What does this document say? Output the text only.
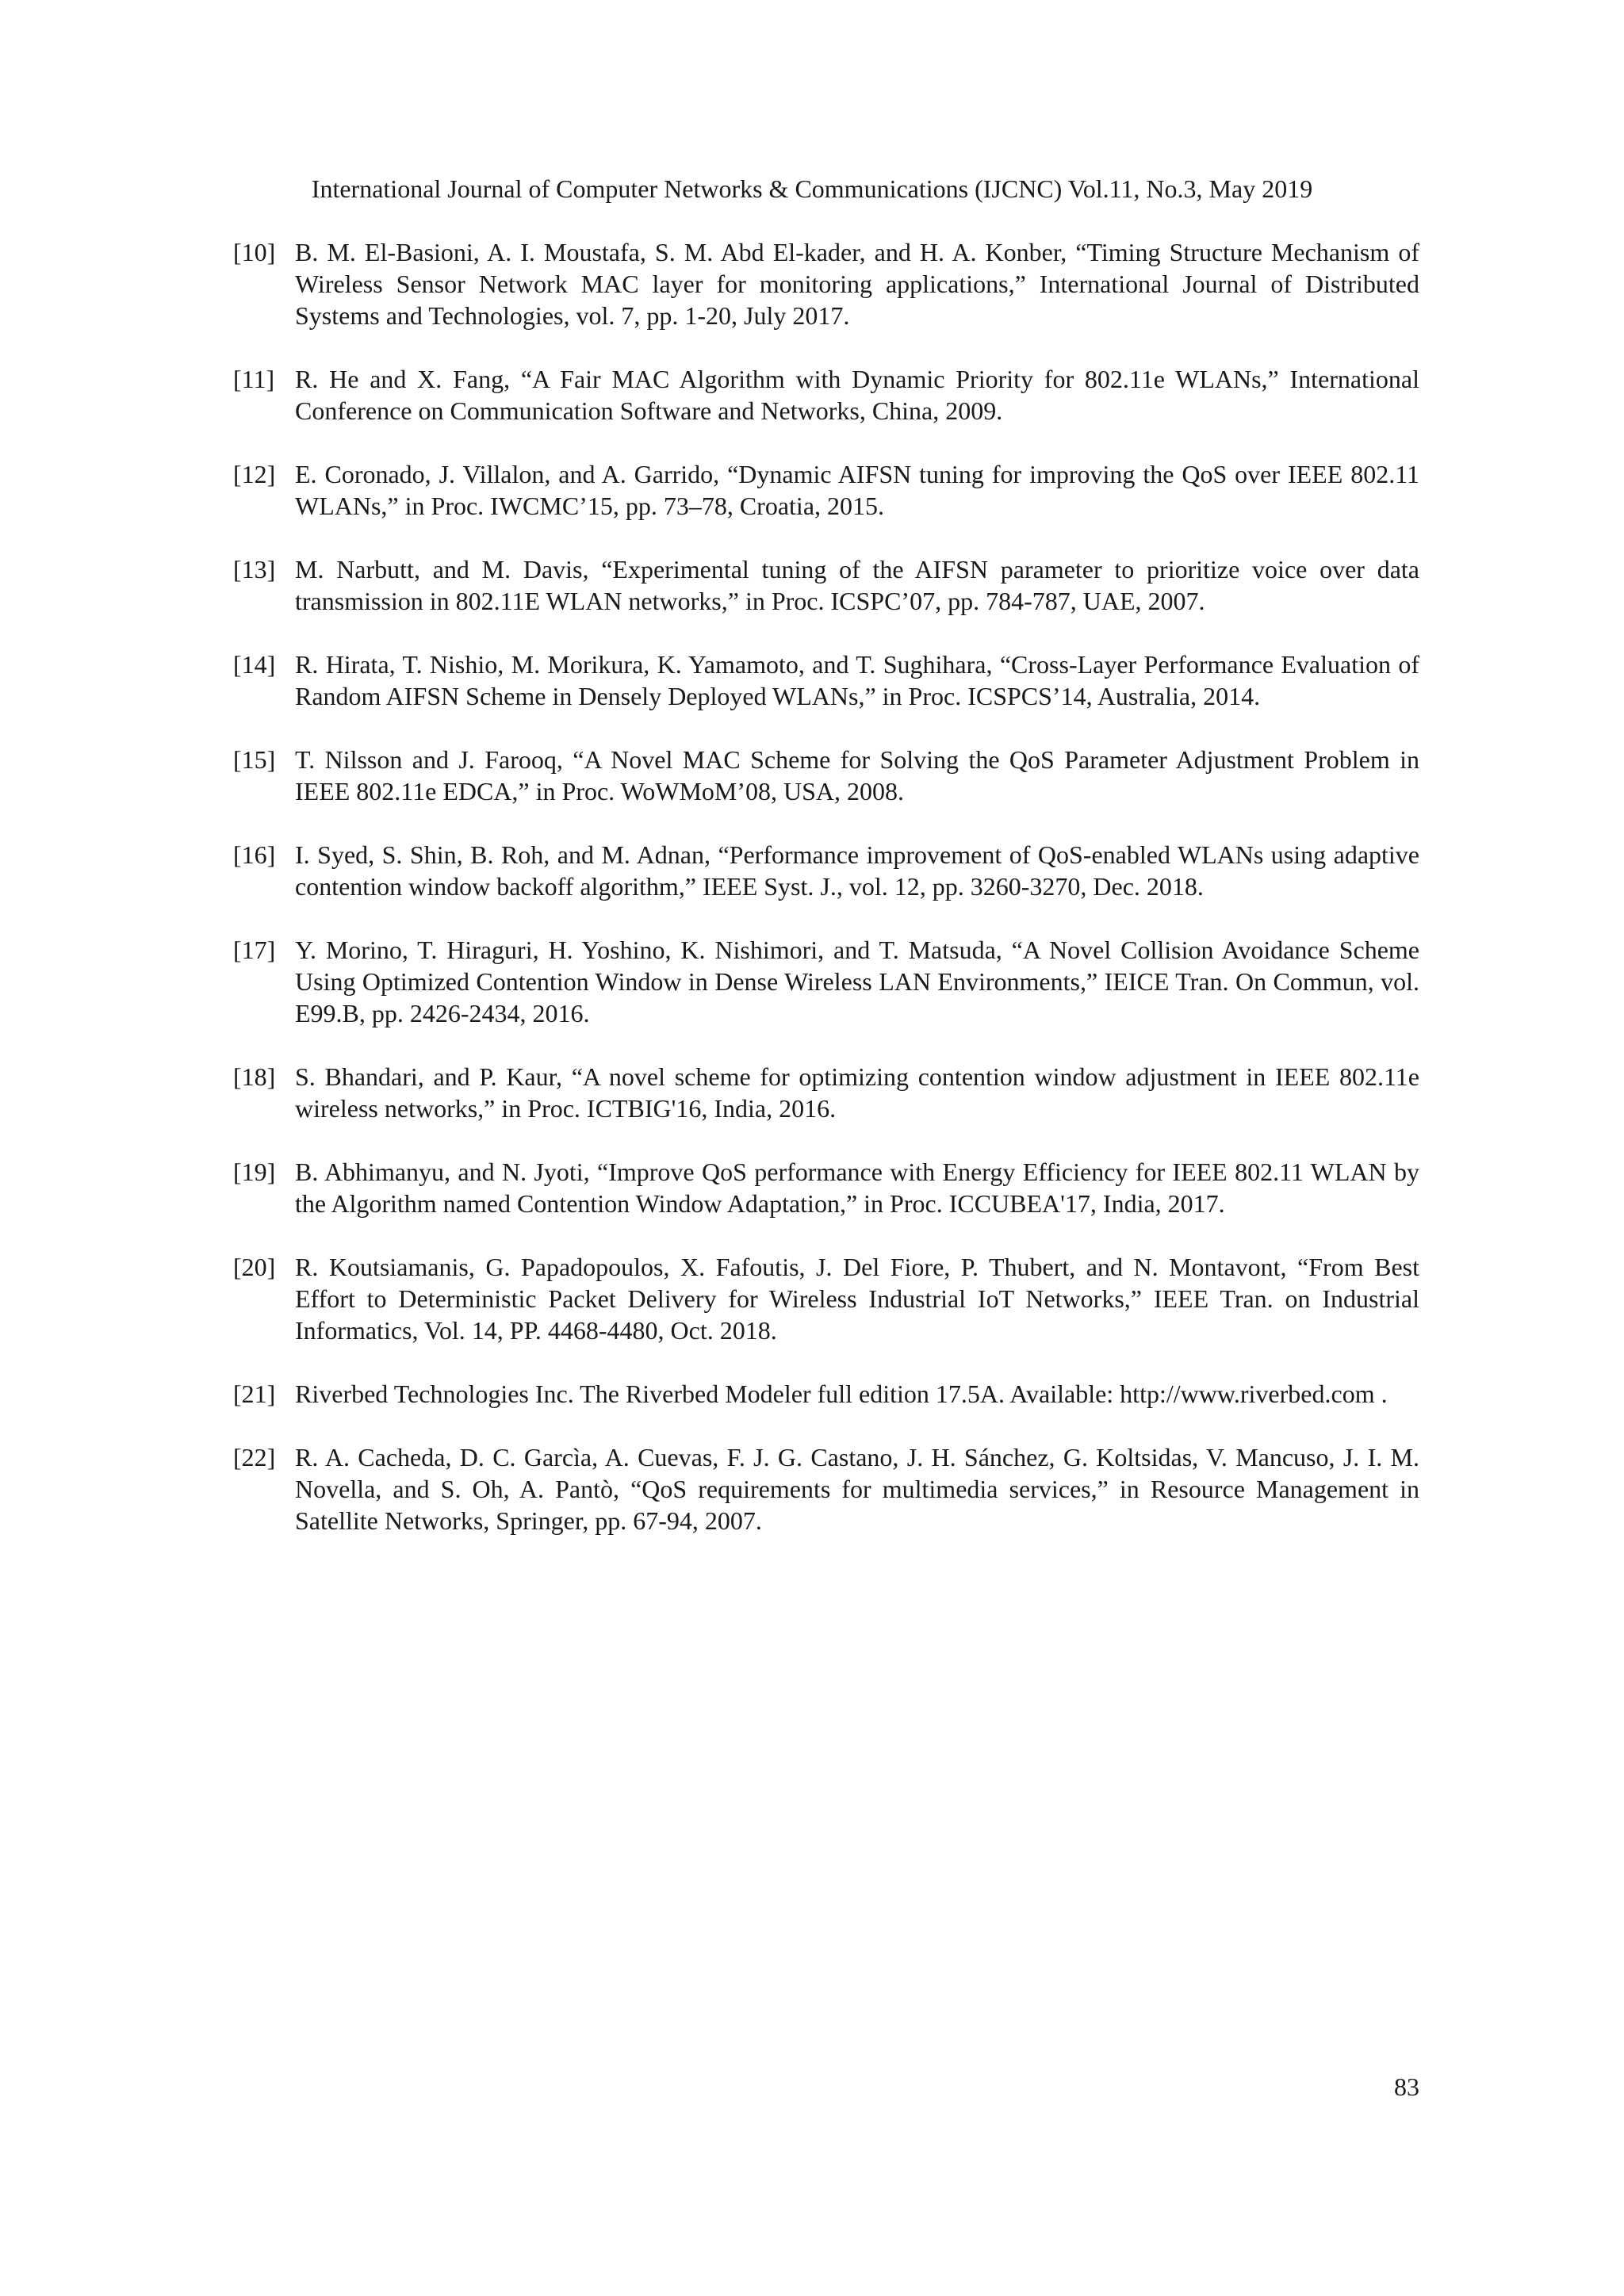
International Journal of Computer Networks & Communications (IJCNC) Vol.11, No.3, May 2019
[10] B. M. El-Basioni, A. I. Moustafa, S. M. Abd El-kader, and H. A. Konber, “Timing Structure Mechanism of Wireless Sensor Network MAC layer for monitoring applications,” International Journal of Distributed Systems and Technologies, vol. 7, pp. 1-20, July 2017.
[11] R. He and X. Fang, “A Fair MAC Algorithm with Dynamic Priority for 802.11e WLANs,” International Conference on Communication Software and Networks, China, 2009.
[12] E. Coronado, J. Villalon, and A. Garrido, “Dynamic AIFSN tuning for improving the QoS over IEEE 802.11 WLANs,” in Proc. IWCMC’15, pp. 73–78, Croatia, 2015.
[13] M. Narbutt, and M. Davis, “Experimental tuning of the AIFSN parameter to prioritize voice over data transmission in 802.11E WLAN networks,” in Proc. ICSPC’07, pp. 784-787, UAE, 2007.
[14] R. Hirata, T. Nishio, M. Morikura, K. Yamamoto, and T. Sughihara, “Cross-Layer Performance Evaluation of Random AIFSN Scheme in Densely Deployed WLANs,” in Proc. ICSPCS’14, Australia, 2014.
[15] T. Nilsson and J. Farooq, “A Novel MAC Scheme for Solving the QoS Parameter Adjustment Problem in IEEE 802.11e EDCA,” in Proc. WoWMoM’08, USA, 2008.
[16] I. Syed, S. Shin, B. Roh, and M. Adnan, “Performance improvement of QoS-enabled WLANs using adaptive contention window backoff algorithm,” IEEE Syst. J., vol. 12, pp. 3260-3270, Dec. 2018.
[17] Y. Morino, T. Hiraguri, H. Yoshino, K. Nishimori, and T. Matsuda, “A Novel Collision Avoidance Scheme Using Optimized Contention Window in Dense Wireless LAN Environments,” IEICE Tran. On Commun, vol. E99.B, pp. 2426-2434, 2016.
[18] S. Bhandari, and P. Kaur, “A novel scheme for optimizing contention window adjustment in IEEE 802.11e wireless networks,” in Proc. ICTBIG'16, India, 2016.
[19] B. Abhimanyu, and N. Jyoti, “Improve QoS performance with Energy Efficiency for IEEE 802.11 WLAN by the Algorithm named Contention Window Adaptation,” in Proc. ICCUBEA'17, India, 2017.
[20] R. Koutsiamanis, G. Papadopoulos, X. Fafoutis, J. Del Fiore, P. Thubert, and N. Montavont, “From Best Effort to Deterministic Packet Delivery for Wireless Industrial IoT Networks,” IEEE Tran. on Industrial Informatics, Vol. 14, PP. 4468-4480, Oct. 2018.
[21] Riverbed Technologies Inc. The Riverbed Modeler full edition 17.5A. Available: http://www.riverbed.com .
[22] R. A. Cacheda, D. C. Garcìa, A. Cuevas, F. J. G. Castano, J. H. Sánchez, G. Koltsidas, V. Mancuso, J. I. M. Novella, and S. Oh, A. Pantò, “QoS requirements for multimedia services,” in Resource Management in Satellite Networks, Springer, pp. 67-94, 2007.
83
